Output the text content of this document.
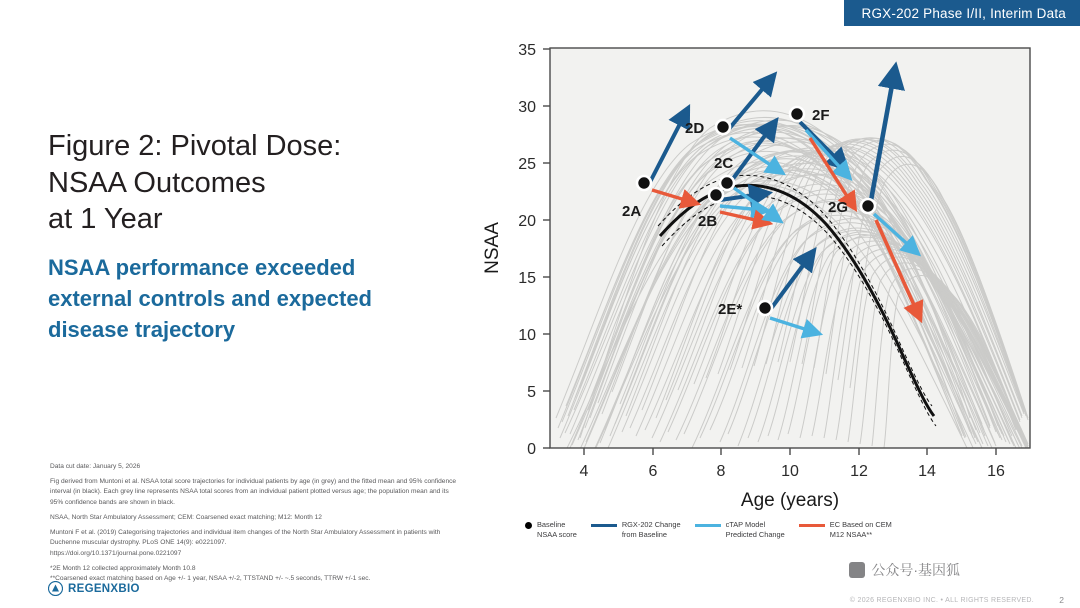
RGX-202 Phase I/II, Interim Data
Figure 2: Pivotal Dose:
NSAA Outcomes
at 1 Year
NSAA performance exceeded
external controls and expected
disease trajectory

Data cut date: January 5, 2026

Fig derived from Muntoni et al. NSAA total score trajectories for individual patients by age (in grey) and the fitted mean and 95% confidence interval (in black). Each grey line represents NSAA total scores from an individual patient plotted versus age; the population mean and its 95% confidence bands are shown in black.

NSAA, North Star Ambulatory Assessment; CEM: Coarsened exact matching; M12: Month 12

Muntoni F et al. (2019) Categorising trajectories and individual item changes of the North Star Ambulatory Assessment in patients with Duchenne muscular dystrophy. PLoS ONE 14(9): e0221097.

https://doi.org/10.1371/journal.pone.0221097

*2E Month 12 collected approximately Month 10.8

**Coarsened exact matching based on Age +/- 1 year, NSAA +/-2, TTSTAND +/- ~.5 seconds, TTRW +/-1 sec.

REGENXBIO
2A
2B
2C
2D
2E*
2F
2G
0
5
10
15
20
25
30
35
4	6	8	10	12	14	16
Age (years)
NSAA
Baseline
NSAA score
RGX-202 Change
from Baseline
cTAP Model
Predicted Change
EC Based on CEM
M12 NSAA**
公众号·基因狐
© 2026 REGENXBIO INC. • ALL RIGHTS RESERVED.	2
